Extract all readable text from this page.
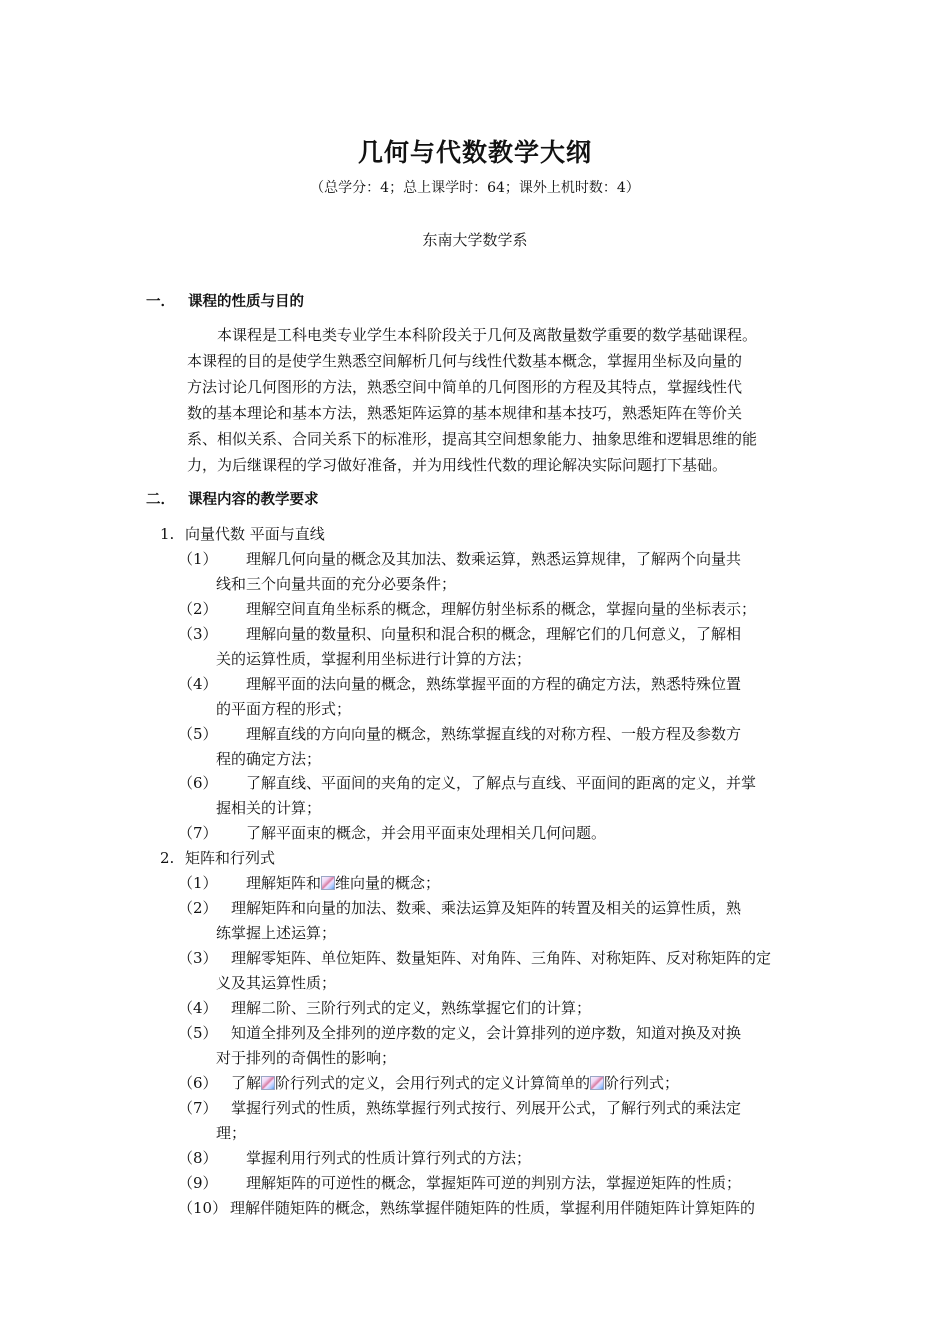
几何与代数教学大纲
（总学分：4；总上课学时：64；课外上机时数：4）
东南大学数学系
一． 课程的性质与目的
　　本课程是工科电类专业学生本科阶段关于几何及离散量数学重要的数学基础课程。
本课程的目的是使学生熟悉空间解析几何与线性代数基本概念，掌握用坐标及向量的
方法讨论几何图形的方法，熟悉空间中简单的几何图形的方程及其特点，掌握线性代
数的基本理论和基本方法，熟悉矩阵运算的基本规律和基本技巧，熟悉矩阵在等价关
系、相似关系、合同关系下的标准形，提高其空间想象能力、抽象思维和逻辑思维的能
力，为后继课程的学习做好准备，并为用线性代数的理论解决实际问题打下基础。
二． 课程内容的教学要求
1. 向量代数 平面与直线
（1）　　理解几何向量的概念及其加法、数乘运算，熟悉运算规律，了解两个向量共
线和三个向量共面的充分必要条件；
（2）　　理解空间直角坐标系的概念，理解仿射坐标系的概念，掌握向量的坐标表示；
（3）　　理解向量的数量积、向量积和混合积的概念，理解它们的几何意义，了解相
关的运算性质，掌握利用坐标进行计算的方法；
（4）　　理解平面的法向量的概念，熟练掌握平面的方程的确定方法，熟悉特殊位置
的平面方程的形式；
（5）　　理解直线的方向向量的概念，熟练掌握直线的对称方程、一般方程及参数方
程的确定方法；
（6）　　了解直线、平面间的夹角的定义，了解点与直线、平面间的距离的定义，并掌
握相关的计算；
（7）　　了解平面束的概念，并会用平面束处理相关几何问题。
2. 矩阵和行列式
（1）　　理解矩阵和 维向量的概念；
（2）　理解矩阵和向量的加法、数乘、乘法运算及矩阵的转置及相关的运算性质，熟
练掌握上述运算；
（3）　理解零矩阵、单位矩阵、数量矩阵、对角阵、三角阵、对称矩阵、反对称矩阵的定
义及其运算性质；
（4）　理解二阶、三阶行列式的定义，熟练掌握它们的计算；
（5）　知道全排列及全排列的逆序数的定义，会计算排列的逆序数，知道对换及对换
对于排列的奇偶性的影响；
（6）　了解 阶行列式的定义，会用行列式的定义计算简单的 阶行列式；
（7）　掌握行列式的性质，熟练掌握行列式按行、列展开公式，了解行列式的乘法定
理；
（8）　　掌握利用行列式的性质计算行列式的方法；
（9）　　理解矩阵的可逆性的概念，掌握矩阵可逆的判别方法，掌握逆矩阵的性质；
（10） 理解伴随矩阵的概念，熟练掌握伴随矩阵的性质，掌握利用伴随矩阵计算矩阵的
